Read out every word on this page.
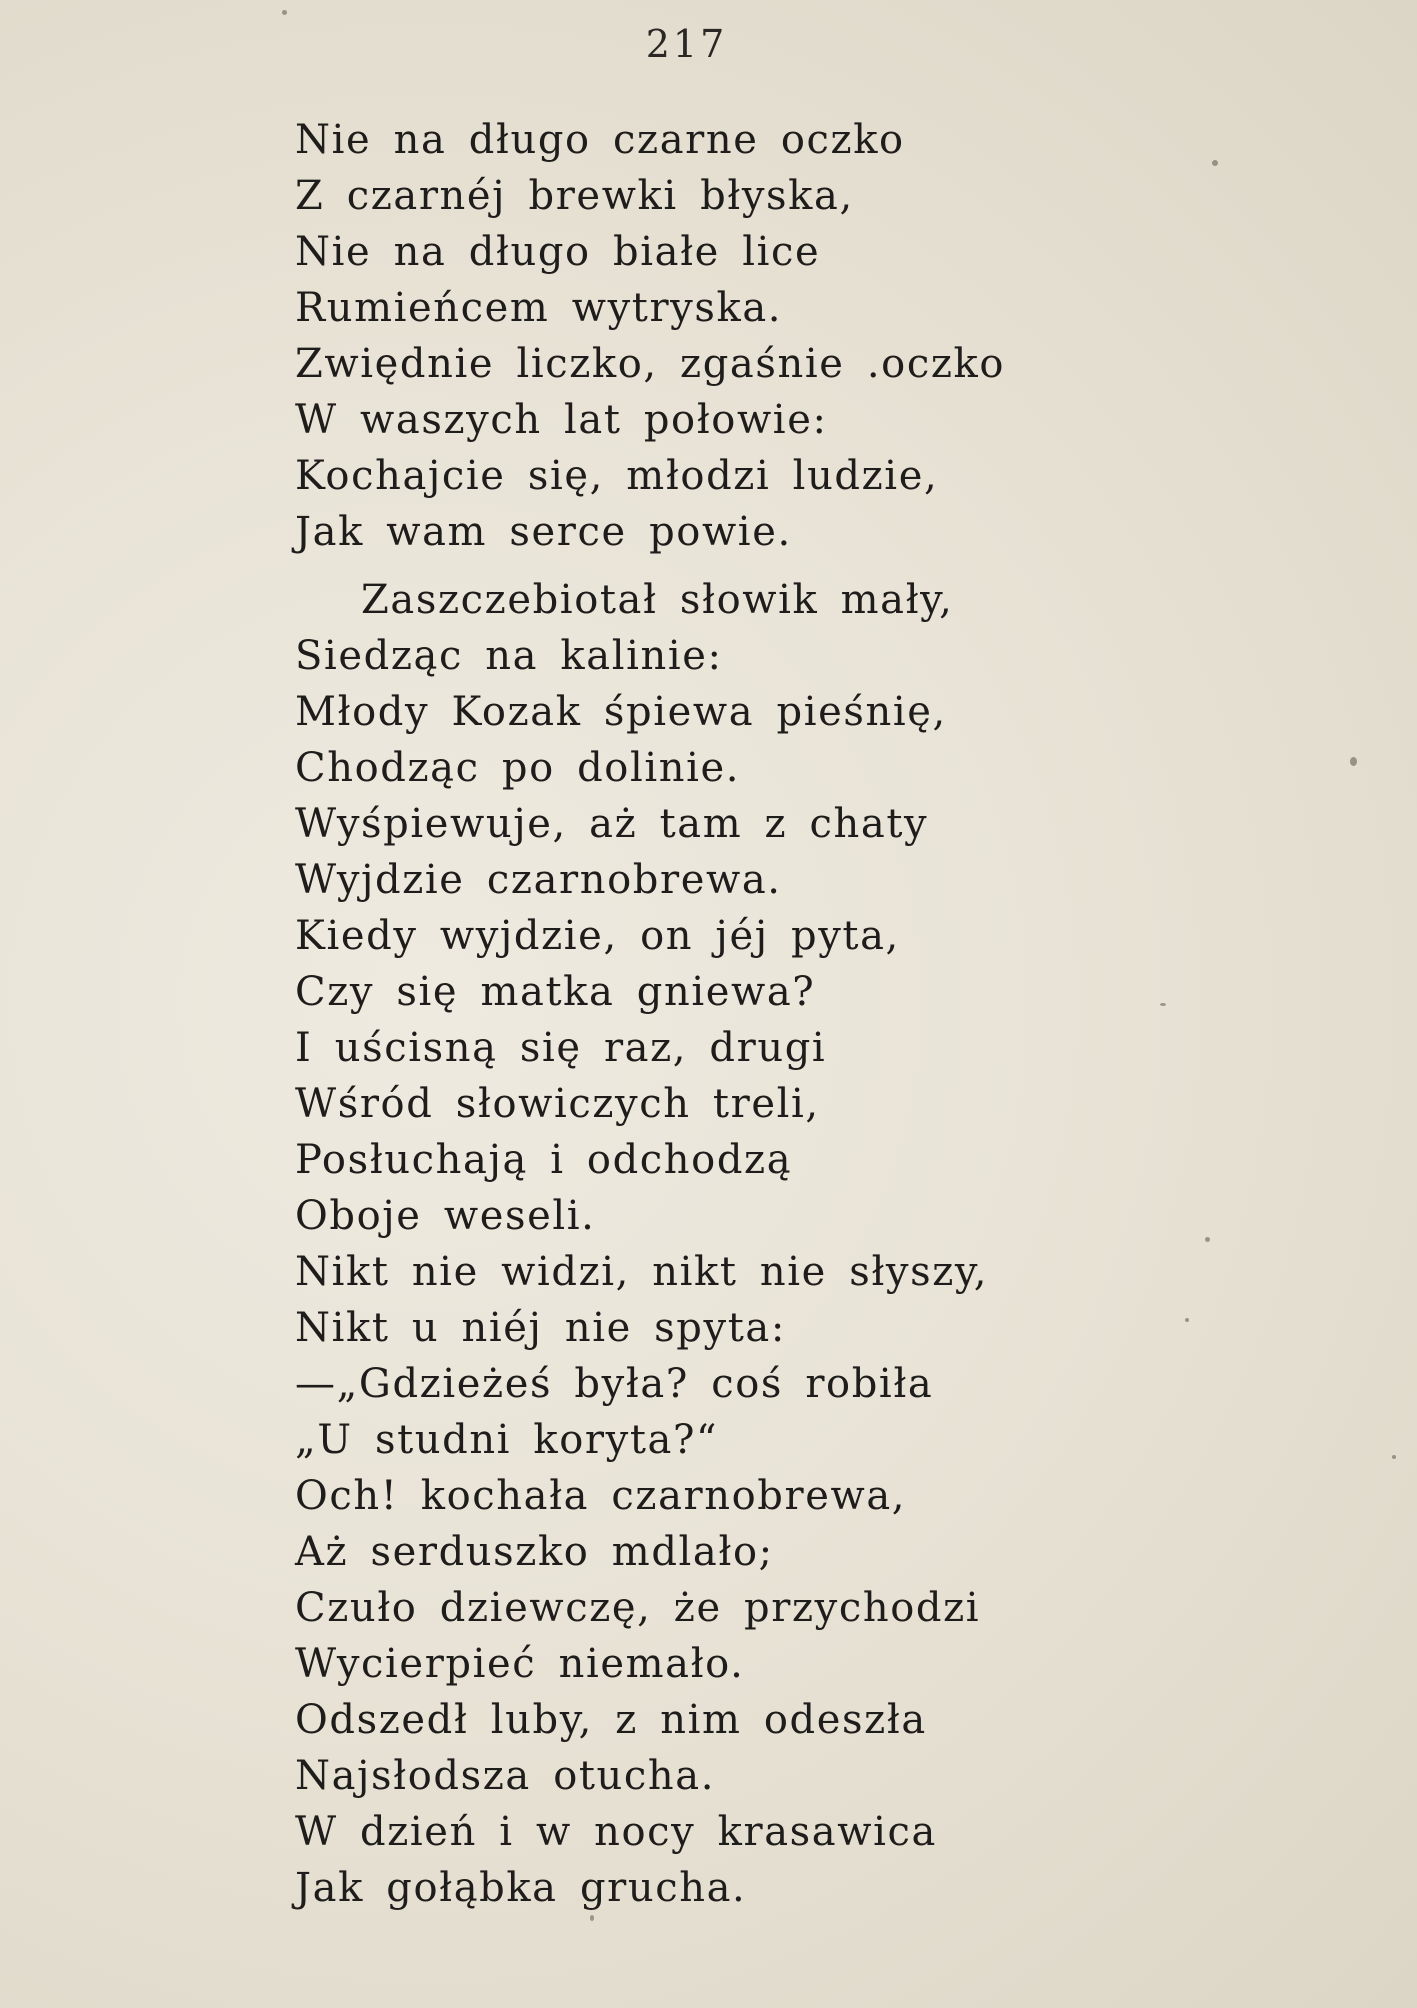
217
Nie na długo czarne oczko
Z czarnéj brewki błyska,
Nie na długo białe lice
Rumieńcem wytryska.
Zwiędnie liczko, zgaśnie .oczko
W waszych lat połowie:
Kochajcie się, młodzi ludzie,
Jak wam serce powie.
Zaszczebiotał słowik mały,
Siedząc na kalinie:
Młody Kozak śpiewa pieśnię,
Chodząc po dolinie.
Wyśpiewuje, aż tam z chaty
Wyjdzie czarnobrewa.
Kiedy wyjdzie, on jéj pyta,
Czy się matka gniewa?
I uścisną się raz, drugi
Wśród słowiczych treli,
Posłuchają i odchodzą
Oboje weseli.
Nikt nie widzi, nikt nie słyszy,
Nikt u niéj nie spyta:
—„Gdzieżeś była? coś robiła
„U studni koryta?“
Och! kochała czarnobrewa,
Aż serduszko mdlało;
Czuło dziewczę, że przychodzi
Wycierpieć niemało.
Odszedł luby, z nim odeszła
Najsłodsza otucha.
W dzień i w nocy krasawica
Jak gołąbka grucha.
